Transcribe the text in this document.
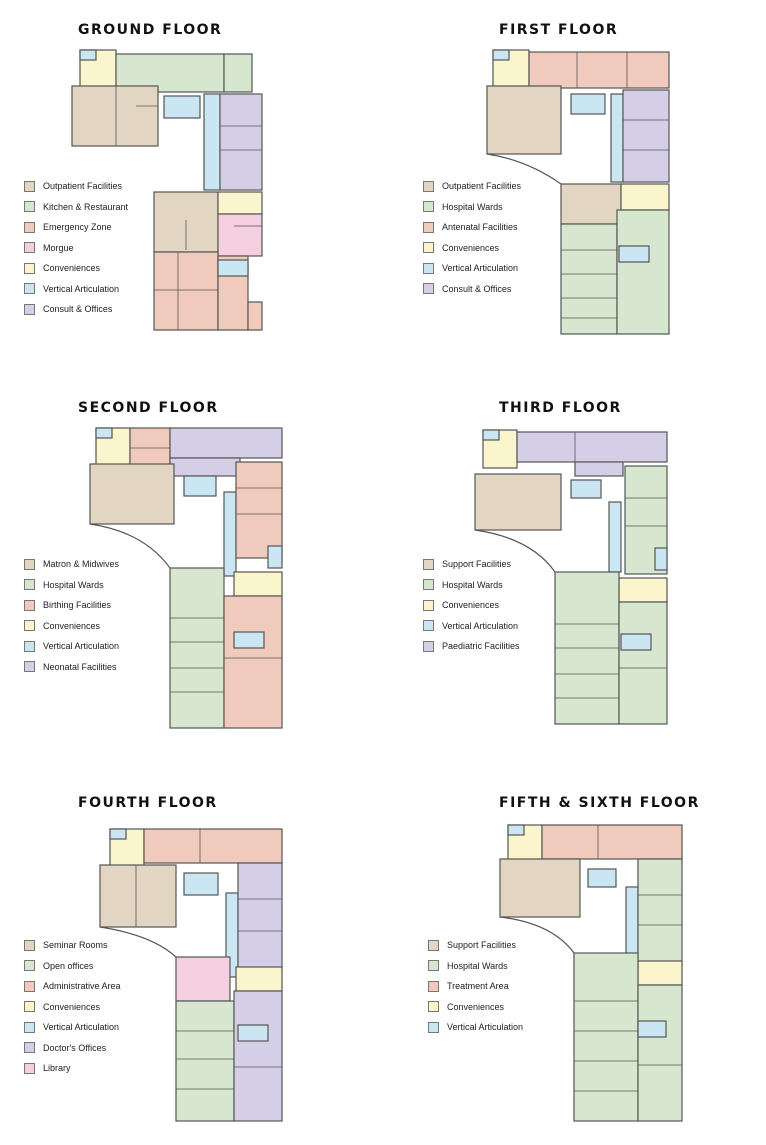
GROUND FLOOR
Outpatient Facilities
Kitchen & Restaurant
Emergency Zone
Morgue
Conveniences
Vertical Articulation
Consult & Offices
FIRST FLOOR
Outpatient Facilities
Hospital Wards
Antenatal Facilities
Conveniences
Vertical Articulation
Consult & Offices
SECOND FLOOR
Matron & Midwives
Hospital Wards
Birthing Facilities
Conveniences
Vertical Articulation
Neonatal Facilities
THIRD FLOOR
Support Facilities
Hospital Wards
Conveniences
Vertical Articulation
Paediatric Facilities
FOURTH FLOOR
Seminar Rooms
Open offices
Administrative Area
Conveniences
Vertical Articulation
Doctor's Offices
Library
FIFTH & SIXTH FLOOR
Support Facilities
Hospital Wards
Treatment Area
Conveniences
Vertical Articulation
